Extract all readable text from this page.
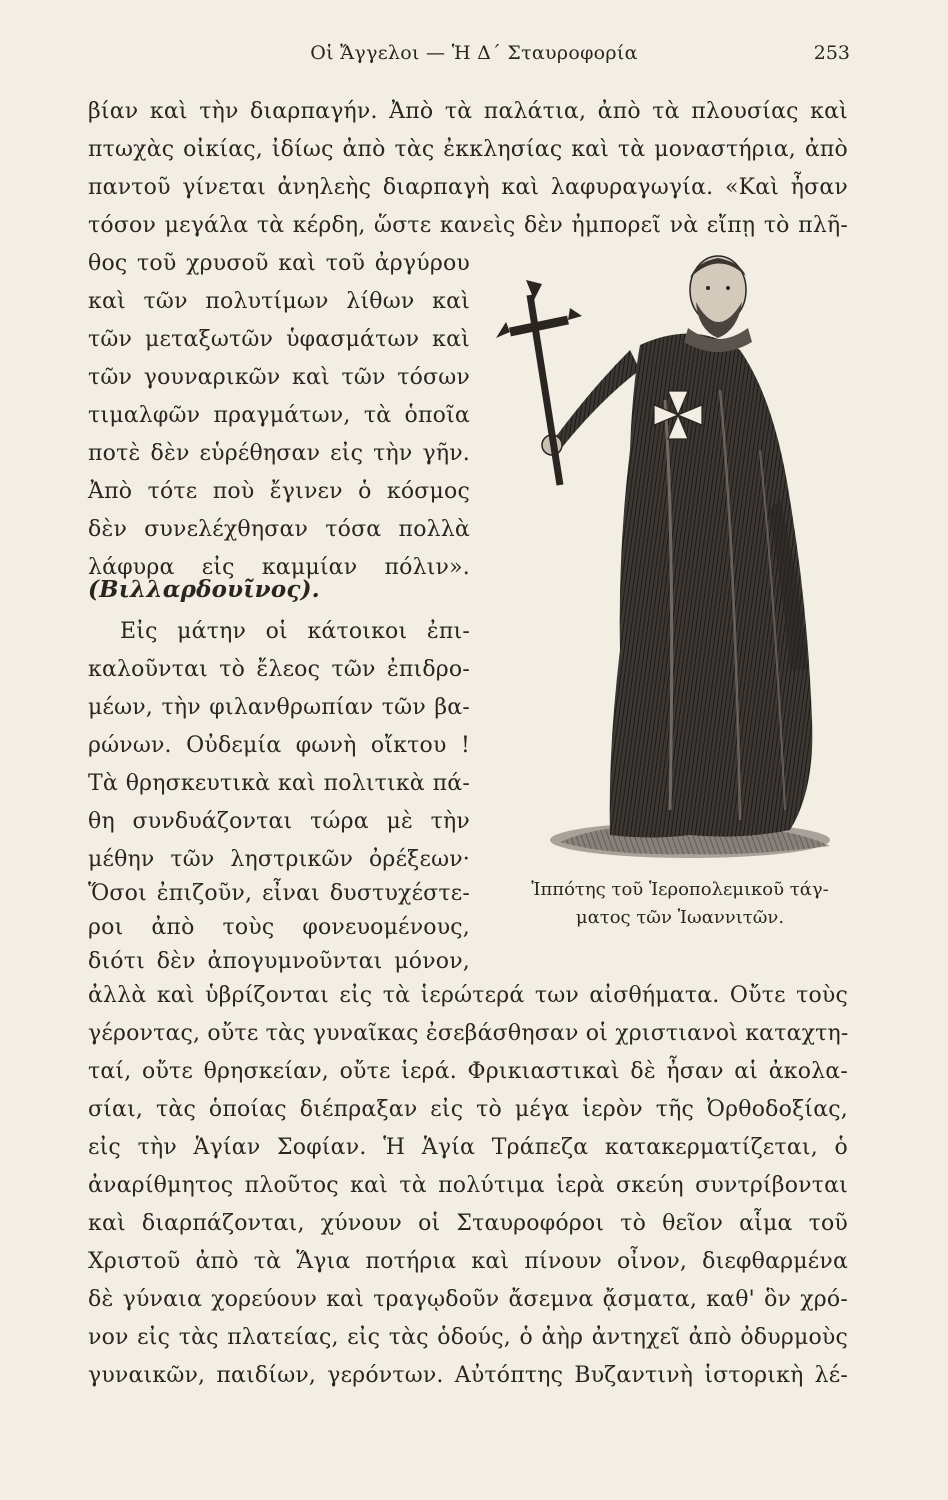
Οἱ Ἄγγελοι — Ἡ Δ΄ Σταυροφορία	253
βίαν καὶ τὴν διαρπαγήν. Ἀπὸ τὰ παλάτια, ἀπὸ τὰ πλουσίας καὶ
πτωχὰς οἰκίας, ἰδίως ἀπὸ τὰς ἐκκλησίας καὶ τὰ μοναστήρια, ἀπὸ
παντοῦ γίνεται ἀνηλεὴς διαρπαγὴ καὶ λαφυραγωγία. «Καὶ ἦσαν
τόσον μεγάλα τὰ κέρδη, ὥστε κανεὶς δὲν ἠμπορεῖ νὰ εἴπῃ τὸ πλῆ-
θος τοῦ χρυσοῦ καὶ τοῦ ἀργύρου
καὶ τῶν πολυτίμων λίθων καὶ
τῶν μεταξωτῶν ὑφασμάτων καὶ
τῶν γουναρικῶν καὶ τῶν τόσων
τιμαλφῶν πραγμάτων, τὰ ὁποῖα
ποτὲ δὲν εὑρέθησαν εἰς τὴν γῆν.
Ἀπὸ τότε ποὺ ἔγινεν ὁ κόσμος
δὲν συνελέχθησαν τόσα πολλὰ
λάφυρα εἰς καμμίαν πόλιν».
(Βιλλαρδουῖνος).
Εἰς μάτην οἱ κάτοικοι ἐπι-
καλοῦνται τὸ ἔλεος τῶν ἐπιδρο-
μέων, τὴν φιλανθρωπίαν τῶν βα-
ρώνων. Οὐδεμία φωνὴ οἴκτου !
Τὰ θρησκευτικὰ καὶ πολιτικὰ πά-
θη συνδυάζονται τώρα μὲ τὴν
μέθην τῶν ληστρικῶν ὀρέξεων·
Ὅσοι ἐπιζοῦν, εἶναι δυστυχέστε-
ροι ἀπὸ τοὺς φονευομένους,
διότι δὲν ἀπογυμνοῦνται μόνον,
Ἱππότης τοῦ Ἱεροπολεμικοῦ τάγ-
ματος τῶν Ἰωαννιτῶν.
ἀλλὰ καὶ ὑβρίζονται εἰς τὰ ἱερώτερά των αἰσθήματα. Οὔτε τοὺς
γέροντας, οὔτε τὰς γυναῖκας ἐσεβάσθησαν οἱ χριστιανοὶ καταχτη-
ταί, οὔτε θρησκείαν, οὔτε ἱερά. Φρικιαστικαὶ δὲ ἦσαν αἱ ἀκολα-
σίαι, τὰς ὁποίας διέπραξαν εἰς τὸ μέγα ἱερὸν τῆς Ὀρθοδοξίας,
εἰς τὴν Ἁγίαν Σοφίαν. Ἡ Ἁγία Τράπεζα κατακερματίζεται, ὁ
ἀναρίθμητος πλοῦτος καὶ τὰ πολύτιμα ἱερὰ σκεύη συντρίβονται
καὶ διαρπάζονται, χύνουν οἱ Σταυροφόροι τὸ θεῖον αἷμα τοῦ
Χριστοῦ ἀπὸ τὰ Ἅγια ποτήρια καὶ πίνουν οἶνον, διεφθαρμένα
δὲ γύναια χορεύουν καὶ τραγῳδοῦν ἄσεμνα ᾄσματα, καθ' ὃν χρό-
νον εἰς τὰς πλατείας, εἰς τὰς ὁδούς, ὁ ἀὴρ ἀντηχεῖ ἀπὸ ὀδυρμοὺς
γυναικῶν, παιδίων, γερόντων. Αὐτόπτης Βυζαντινὴ ἱστορικὴ λέ-
